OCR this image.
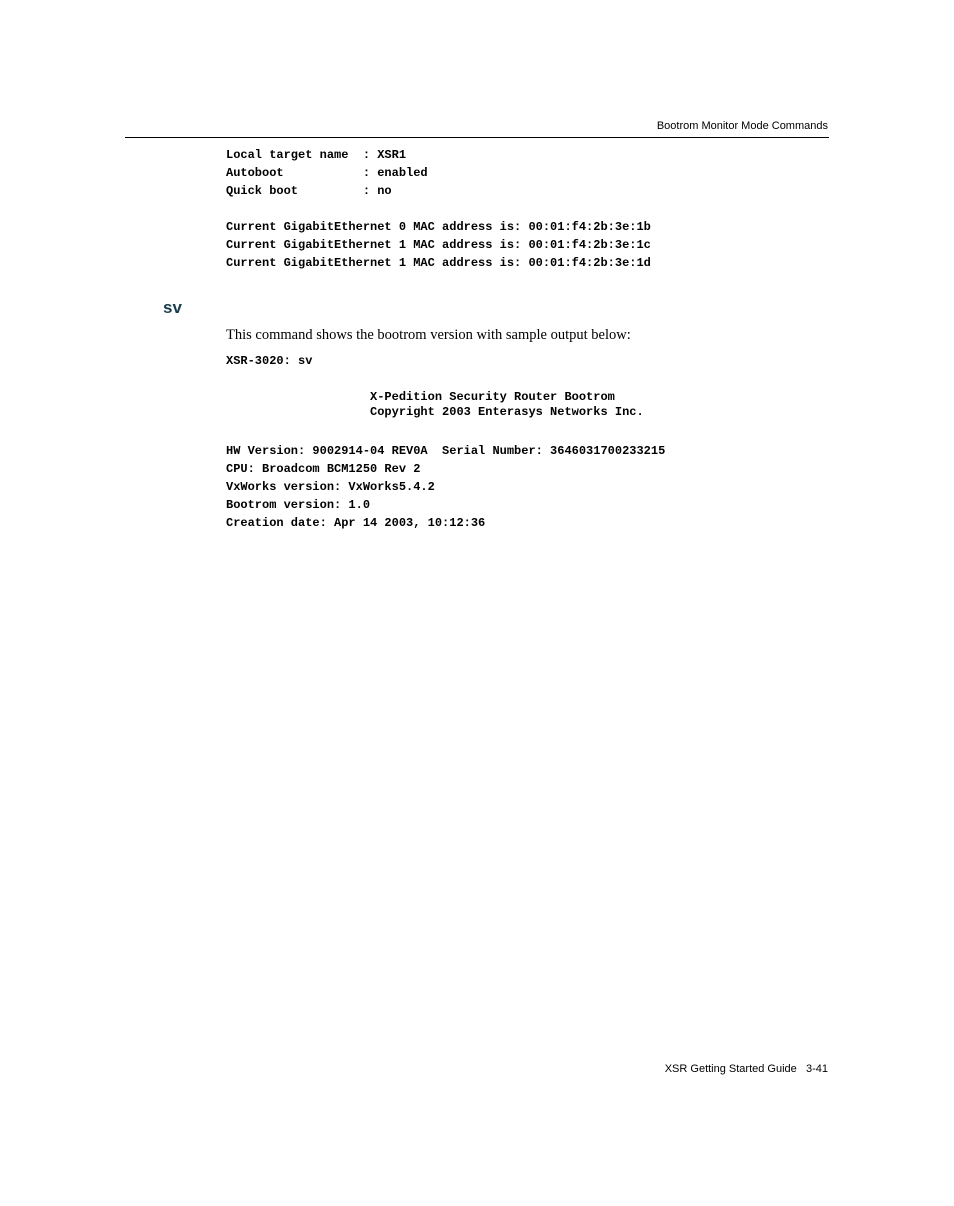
Bootrom Monitor Mode Commands
Local target name  : XSR1
Autoboot           : enabled
Quick boot         : no
Current GigabitEthernet 0 MAC address is: 00:01:f4:2b:3e:1b
Current GigabitEthernet 1 MAC address is: 00:01:f4:2b:3e:1c
Current GigabitEthernet 1 MAC address is: 00:01:f4:2b:3e:1d
sv
This command shows the bootrom version with sample output below:
XSR-3020: sv
X-Pedition Security Router Bootrom
Copyright 2003 Enterasys Networks Inc.
HW Version: 9002914-04 REV0A  Serial Number: 3646031700233215
CPU: Broadcom BCM1250 Rev 2
VxWorks version: VxWorks5.4.2
Bootrom version: 1.0
Creation date: Apr 14 2003, 10:12:36
XSR Getting Started Guide 3-41
